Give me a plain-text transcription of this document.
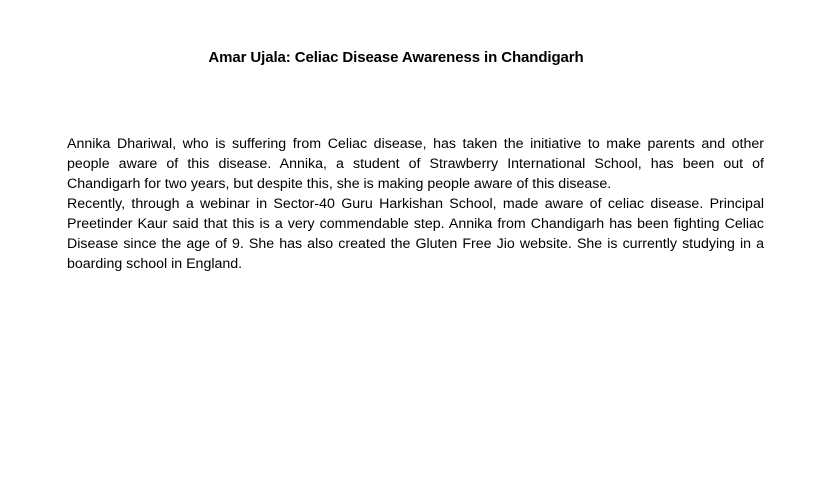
Amar Ujala: Celiac Disease Awareness in Chandigarh

Annika Dhariwal, who is suffering from Celiac disease, has taken the initiative to make parents and other people aware of this disease. Annika, a student of Strawberry International School, has been out of Chandigarh for two years, but despite this, she is making people aware of this disease.

Recently, through a webinar in Sector-40 Guru Harkishan School, made aware of celiac disease. Principal Preetinder Kaur said that this is a very commendable step. Annika from Chandigarh has been fighting Celiac Disease since the age of 9. She has also created the Gluten Free Jio website. She is currently studying in a boarding school in England.
